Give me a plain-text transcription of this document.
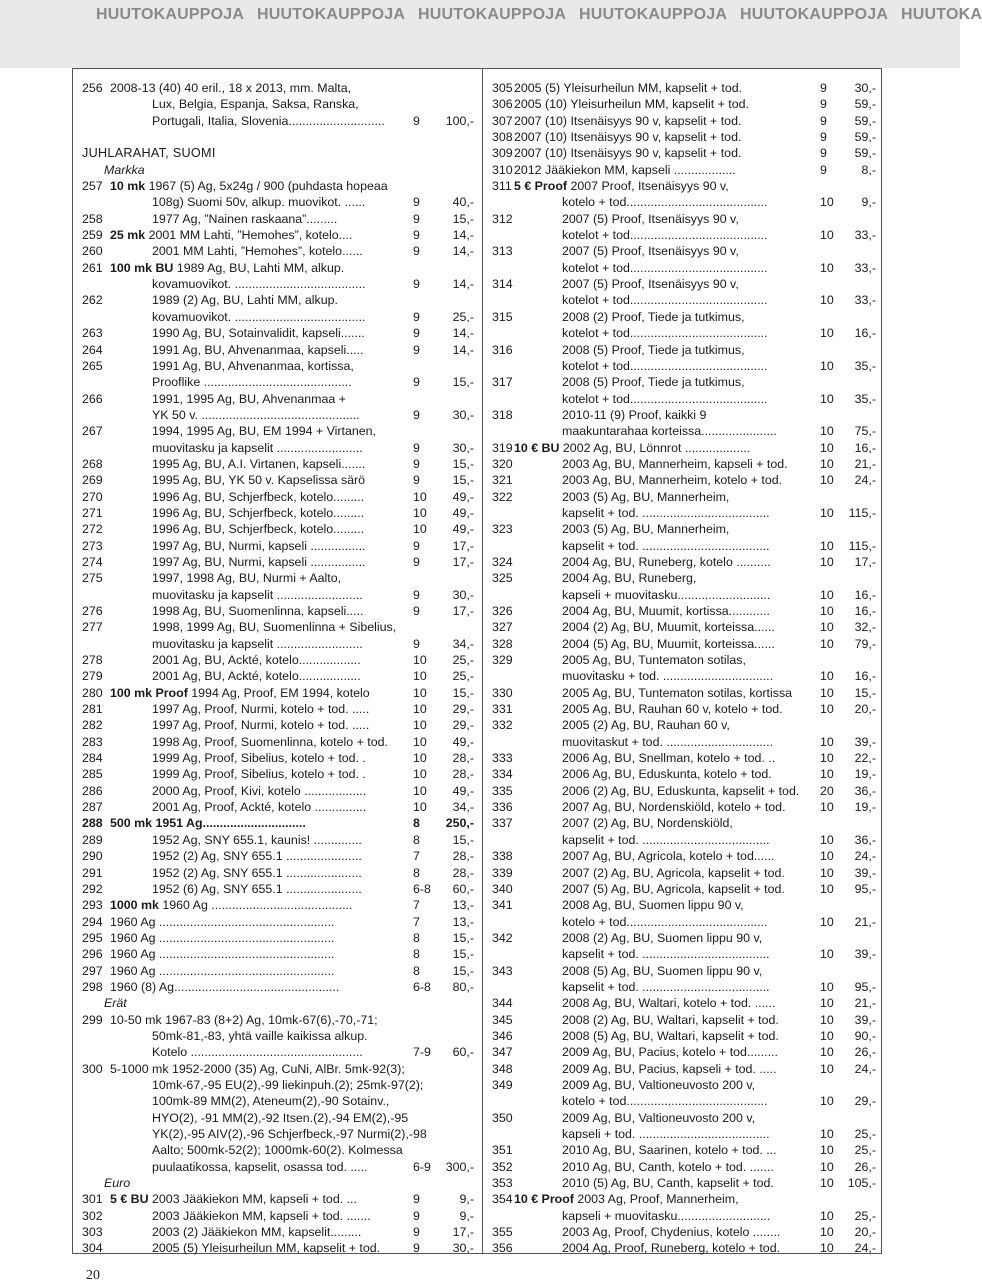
HUUTOKAUPPOJA HUUTOKAUPPOJA HUUTOKAUPPOJA HUUTOKAUPPOJA HUUTOKAUPPOJA HUUTOKA
256 2008-13 (40) 40 eril., 18 x 2013, mm. Malta,
Lux, Belgia, Espanja, Saksa, Ranska,
Portugali, Italia, Slovenia............................	9	100,-
JUHLARAHAT, SUOMI
Markka
257 10 mk 1967 (5) Ag, 5x24g / 900 (puhdasta hopeaa
108g) Suomi 50v, alkup. muovikot. ......	9	40,-
258	1977 Ag, ”Nainen raskaana”.........	9	15,-
259 25 mk 2001 MM Lahti, ”Hemohes”, kotelo....	9	14,-
260	2001 MM Lahti, ”Hemohes”, kotelo......	9	14,-
261 100 mk BU 1989 Ag, BU, Lahti MM, alkup.
kovamuovikot. ......................................	9	14,-
262	1989 (2) Ag, BU, Lahti MM, alkup.
kovamuovikot. ......................................	9	25,-
263	1990 Ag, BU, Sotainvalidit, kapseli.......	9	14,-
264	1991 Ag, BU, Ahvenanmaa, kapseli.....	9	14,-
265	1991 Ag, BU, Ahvenanmaa, kortissa,
Prooflike ...........................................	9	15,-
266	1991, 1995 Ag, BU, Ahvenanmaa +
YK 50 v. ..............................................	9	30,-
267	1994, 1995 Ag, BU, EM 1994 + Virtanen,
muovitasku ja kapselit .........................	9	30,-
268	1995 Ag, BU, A.I. Virtanen, kapseli.......	9	15,-
269	1995 Ag, BU, YK 50 v. Kapselissa särö	9	15,-
270	1996 Ag, BU, Schjerfbeck, kotelo.........	10	49,-
271	1996 Ag, BU, Schjerfbeck, kotelo.........	10	49,-
272	1996 Ag, BU, Schjerfbeck, kotelo.........	10	49,-
273	1997 Ag, BU, Nurmi, kapseli ................	9	17,-
274	1997 Ag, BU, Nurmi, kapseli ................	9	17,-
275	1997, 1998 Ag, BU, Nurmi + Aalto,
muovitasku ja kapselit .........................	9	30,-
276	1998 Ag, BU, Suomenlinna, kapseli.....	9	17,-
277	1998, 1999 Ag, BU, Suomenlinna + Sibelius,
muovitasku ja kapselit .........................	9	34,-
278	2001 Ag, BU, Ackté, kotelo..................	10	25,-
279	2001 Ag, BU, Ackté, kotelo..................	10	25,-
280 100 mk Proof 1994 Ag, Proof, EM 1994, kotelo	10	15,-
281	1997 Ag, Proof, Nurmi, kotelo + tod. .....	10	29,-
282	1997 Ag, Proof, Nurmi, kotelo + tod. .....	10	29,-
283	1998 Ag, Proof, Suomenlinna, kotelo + tod.	10	49,-
284	1999 Ag, Proof, Sibelius, kotelo + tod. .	10	28,-
285	1999 Ag, Proof, Sibelius, kotelo + tod. .	10	28,-
286	2000 Ag, Proof, Kivi, kotelo ..................	10	49,-
287	2001 Ag, Proof, Ackté, kotelo ...............	10	34,-
288 500 mk 1951 Ag..............................	8	250,-
289	1952 Ag, SNY 655.1, kaunis! ..............	8	15,-
290	1952 (2) Ag, SNY 655.1 ......................	7	28,-
291	1952 (2) Ag, SNY 655.1 ......................	8	28,-
292	1952 (6) Ag, SNY 655.1 ......................	6-8	60,-
293 1000 mk 1960 Ag .........................................	7	13,-
294 1960 Ag ...................................................	7	13,-
295 1960 Ag ...................................................	8	15,-
296 1960 Ag ...................................................	8	15,-
297 1960 Ag ...................................................	8	15,-
298 1960 (8) Ag................................................	6-8	80,-
Erät
299 10-50 mk 1967-83 (8+2) Ag, 10mk-67(6),-70,-71;
50mk-81,-83, yhtä vaille kaikissa alkup.
Kotelo ..................................................	7-9	60,-
300 5-1000 mk 1952-2000 (35) Ag, CuNi, AlBr. 5mk-92(3);
10mk-67,-95 EU(2),-99 liekinpuh.(2); 25mk-97(2);
100mk-89 MM(2), Ateneum(2),-90 Sotainv.,
HYO(2), -91 MM(2),-92 Itsen.(2),-94 EM(2),-95
YK(2),-95 AIV(2),-96 Schjerfbeck,-97 Nurmi(2),-98
Aalto; 500mk-52(2); 1000mk-60(2). Kolmessa
puulaatikossa, kapselit, osassa tod. .....	6-9	300,-
Euro
301 5 € BU 2003 Jääkiekon MM, kapseli + tod. ...	9	9,-
302	2003 Jääkiekon MM, kapseli + tod. .......	9	9,-
303	2003 (2) Jääkiekon MM, kapselit.........	9	17,-
304	2005 (5) Yleisurheilun MM, kapselit + tod.	9	30,-
305 2005 (5) Yleisurheilun MM, kapselit + tod.	9	30,-
306 2005 (10) Yleisurheilun MM, kapselit + tod.	9	59,-
307 2007 (10) Itsenäisyys 90 v, kapselit + tod.	9	59,-
308 2007 (10) Itsenäisyys 90 v, kapselit + tod.	9	59,-
309 2007 (10) Itsenäisyys 90 v, kapselit + tod.	9	59,-
310 2012 Jääkiekon MM, kapseli ..................	9	8,-
311 5 € Proof 2007 Proof, Itsenäisyys 90 v,
kotelo + tod.........................................	10	9,-
312	2007 (5) Proof, Itsenäisyys 90 v,
kotelot + tod........................................	10	33,-
313	2007 (5) Proof, Itsenäisyys 90 v,
kotelot + tod........................................	10	33,-
314	2007 (5) Proof, Itsenäisyys 90 v,
kotelot + tod........................................	10	33,-
315	2008 (2) Proof, Tiede ja tutkimus,
kotelot + tod........................................	10	16,-
316	2008 (5) Proof, Tiede ja tutkimus,
kotelot + tod........................................	10	35,-
317	2008 (5) Proof, Tiede ja tutkimus,
kotelot + tod........................................	10	35,-
318	2010-11 (9) Proof, kaikki 9
maakuntarahaa korteissa......................	10	75,-
319 10 € BU 2002 Ag, BU, Lönnrot ...................	10	16,-
320	2003 Ag, BU, Mannerheim, kapseli + tod.	10	21,-
321	2003 Ag, BU, Mannerheim, kotelo + tod.	10	24,-
322	2003 (5) Ag, BU, Mannerheim,
kapselit + tod. .....................................	10	115,-
323	2003 (5) Ag, BU, Mannerheim,
kapselit + tod. .....................................	10	115,-
324	2004 Ag, BU, Runeberg, kotelo ..........	10	17,-
325	2004 Ag, BU, Runeberg,
kapseli + muovitasku...........................	10	16,-
326	2004 Ag, BU, Muumit, kortissa............	10	16,-
327	2004 (2) Ag, BU, Muumit, korteissa......	10	32,-
328	2004 (5) Ag, BU, Muumit, korteissa......	10	79,-
329	2005 Ag, BU, Tuntematon sotilas,
muovitasku + tod. ................................	10	16,-
330	2005 Ag, BU, Tuntematon sotilas, kortissa	10	15,-
331	2005 Ag, BU, Rauhan 60 v, kotelo + tod.	10	20,-
332	2005 (2) Ag, BU, Rauhan 60 v,
muovitaskut + tod. ...............................	10	39,-
333	2006 Ag, BU, Snellman, kotelo + tod. ..	10	22,-
334	2006 Ag, BU, Eduskunta, kotelo + tod.	10	19,-
335	2006 (2) Ag, BU, Eduskunta, kapselit + tod.	20	36,-
336	2007 Ag, BU, Nordenskiöld, kotelo + tod.	10	19,-
337	2007 (2) Ag, BU, Nordenskiöld,
kapselit + tod. .....................................	10	36,-
338	2007 Ag, BU, Agricola, kotelo + tod......	10	24,-
339	2007 (2) Ag, BU, Agricola, kapselit + tod.	10	39,-
340	2007 (5) Ag, BU, Agricola, kapselit + tod.	10	95,-
341	2008 Ag, BU, Suomen lippu 90 v,
kotelo + tod.........................................	10	21,-
342	2008 (2) Ag, BU, Suomen lippu 90 v,
kapselit + tod. .....................................	10	39,-
343	2008 (5) Ag, BU, Suomen lippu 90 v,
kapselit + tod. .....................................	10	95,-
344	2008 Ag, BU, Waltari, kotelo + tod. ......	10	21,-
345	2008 (2) Ag, BU, Waltari, kapselit + tod.	10	39,-
346	2008 (5) Ag, BU, Waltari, kapselit + tod.	10	90,-
347	2009 Ag, BU, Pacius, kotelo + tod.........	10	26,-
348	2009 Ag, BU, Pacius, kapseli + tod. .....	10	24,-
349	2009 Ag, BU, Valtioneuvosto 200 v,
kotelo + tod.........................................	10	29,-
350	2009 Ag, BU, Valtioneuvosto 200 v,
kapseli + tod. ......................................	10	25,-
351	2010 Ag, BU, Saarinen, kotelo + tod. ...	10	25,-
352	2010 Ag, BU, Canth, kotelo + tod. .......	10	26,-
353	2010 (5) Ag, BU, Canth, kapselit + tod.	10	105,-
354 10 € Proof 2003 Ag, Proof, Mannerheim,
kapseli + muovitasku...........................	10	25,-
355	2003 Ag, Proof, Chydenius, kotelo ........	10	20,-
356	2004 Ag, Proof, Runeberg, kotelo + tod.	10	24,-
20
